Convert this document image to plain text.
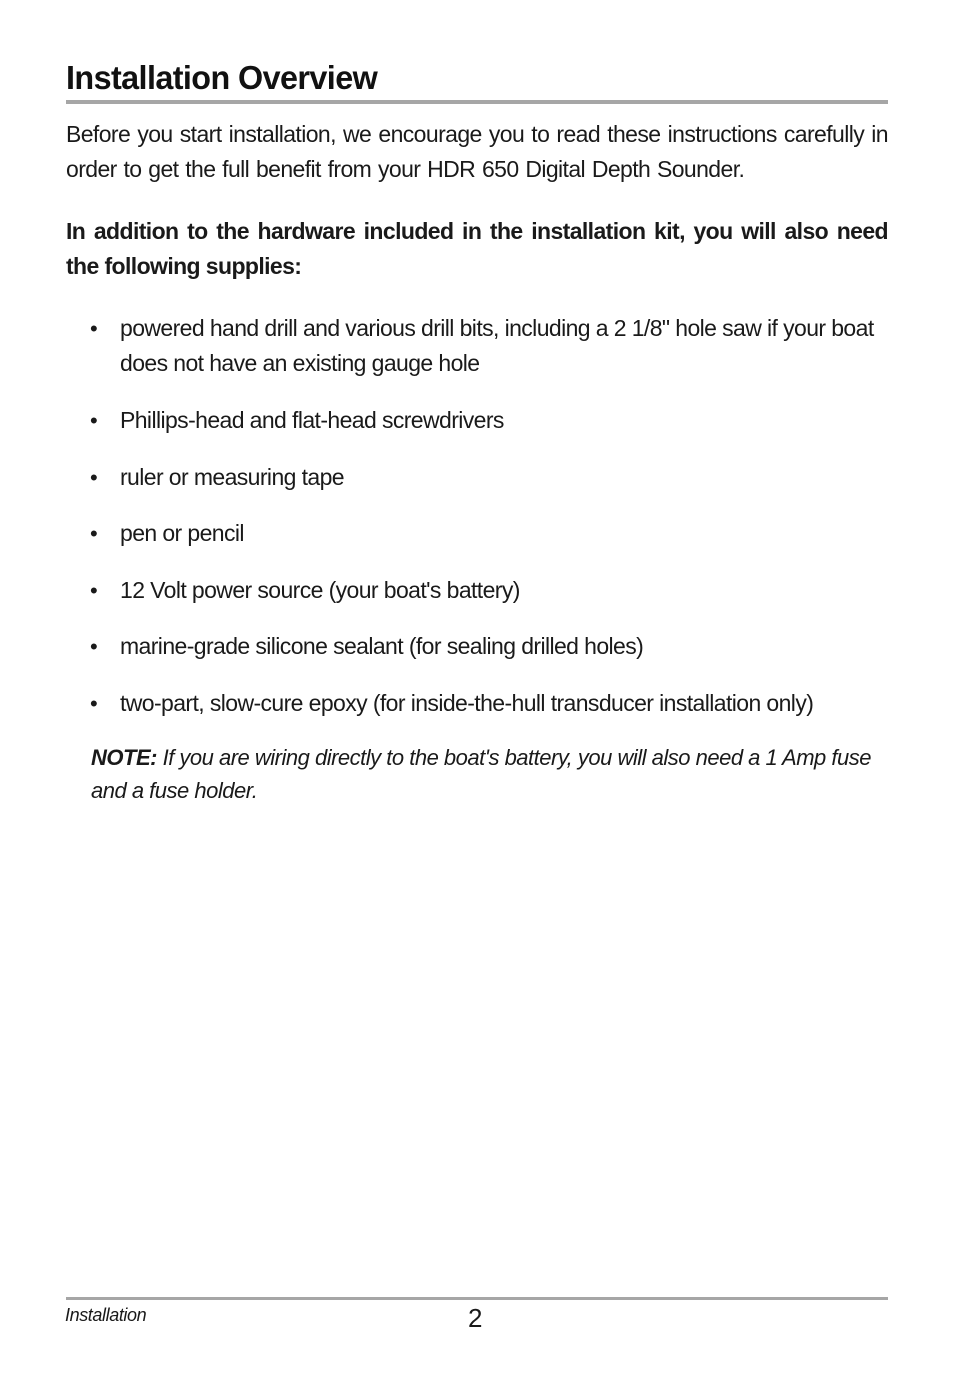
Installation Overview

Before you start installation, we encourage you to read these instructions carefully in order to get the full benefit from your HDR 650 Digital Depth Sounder.

In addition to the hardware included in the installation kit, you will also need the following supplies:

• powered hand drill and various drill bits, including a 2 1/8" hole saw if your boat does not have an existing gauge hole
• Phillips-head and flat-head screwdrivers
• ruler or measuring tape
• pen or pencil
• 12 Volt power source (your boat's battery)
• marine-grade silicone sealant (for sealing drilled holes)
• two-part, slow-cure epoxy (for inside-the-hull transducer installation only)

NOTE: If you are wiring directly to the boat's battery, you will also need a 1 Amp fuse and a fuse holder.

Installation	2
